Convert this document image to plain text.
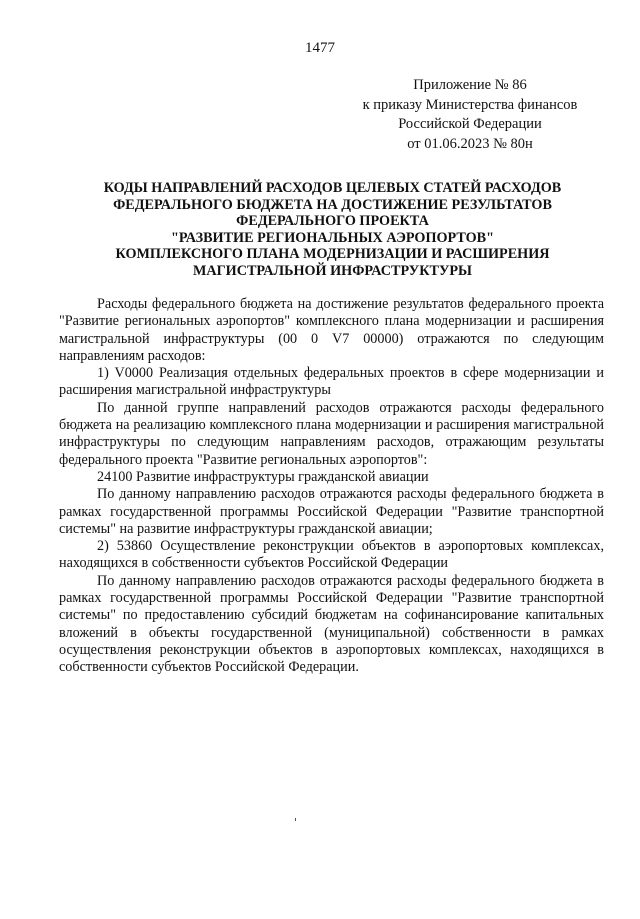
1477
Приложение № 86
к приказу Министерства финансов
Российской Федерации
от 01.06.2023 № 80н
КОДЫ НАПРАВЛЕНИЙ РАСХОДОВ ЦЕЛЕВЫХ СТАТЕЙ РАСХОДОВ
ФЕДЕРАЛЬНОГО БЮДЖЕТА НА ДОСТИЖЕНИЕ РЕЗУЛЬТАТОВ
ФЕДЕРАЛЬНОГО ПРОЕКТА
"РАЗВИТИЕ РЕГИОНАЛЬНЫХ АЭРОПОРТОВ"
КОМПЛЕКСНОГО ПЛАНА МОДЕРНИЗАЦИИ И РАСШИРЕНИЯ
МАГИСТРАЛЬНОЙ ИНФРАСТРУКТУРЫ

Расходы федерального бюджета на достижение результатов федерального проекта "Развитие региональных аэропортов" комплексного плана модернизации и расширения магистральной инфраструктуры (00 0 V7 00000) отражаются по следующим направлениям расходов:

1) V0000 Реализация отдельных федеральных проектов в сфере модернизации и расширения магистральной инфраструктуры

По данной группе направлений расходов отражаются расходы федерального бюджета на реализацию комплексного плана модернизации и расширения магистральной инфраструктуры по следующим направлениям расходов, отражающим результаты федерального проекта "Развитие региональных аэропортов":

24100 Развитие инфраструктуры гражданской авиации

По данному направлению расходов отражаются расходы федерального бюджета в рамках государственной программы Российской Федерации "Развитие транспортной системы" на развитие инфраструктуры гражданской авиации;

2) 53860 Осуществление реконструкции объектов в аэропортовых комплексах, находящихся в собственности субъектов Российской Федерации

По данному направлению расходов отражаются расходы федерального бюджета в рамках государственной программы Российской Федерации "Развитие транспортной системы" по предоставлению субсидий бюджетам на софинансирование капитальных вложений в объекты государственной (муниципальной) собственности в рамках осуществления реконструкции объектов в аэропортовых комплексах, находящихся в собственности субъектов Российской Федерации.
